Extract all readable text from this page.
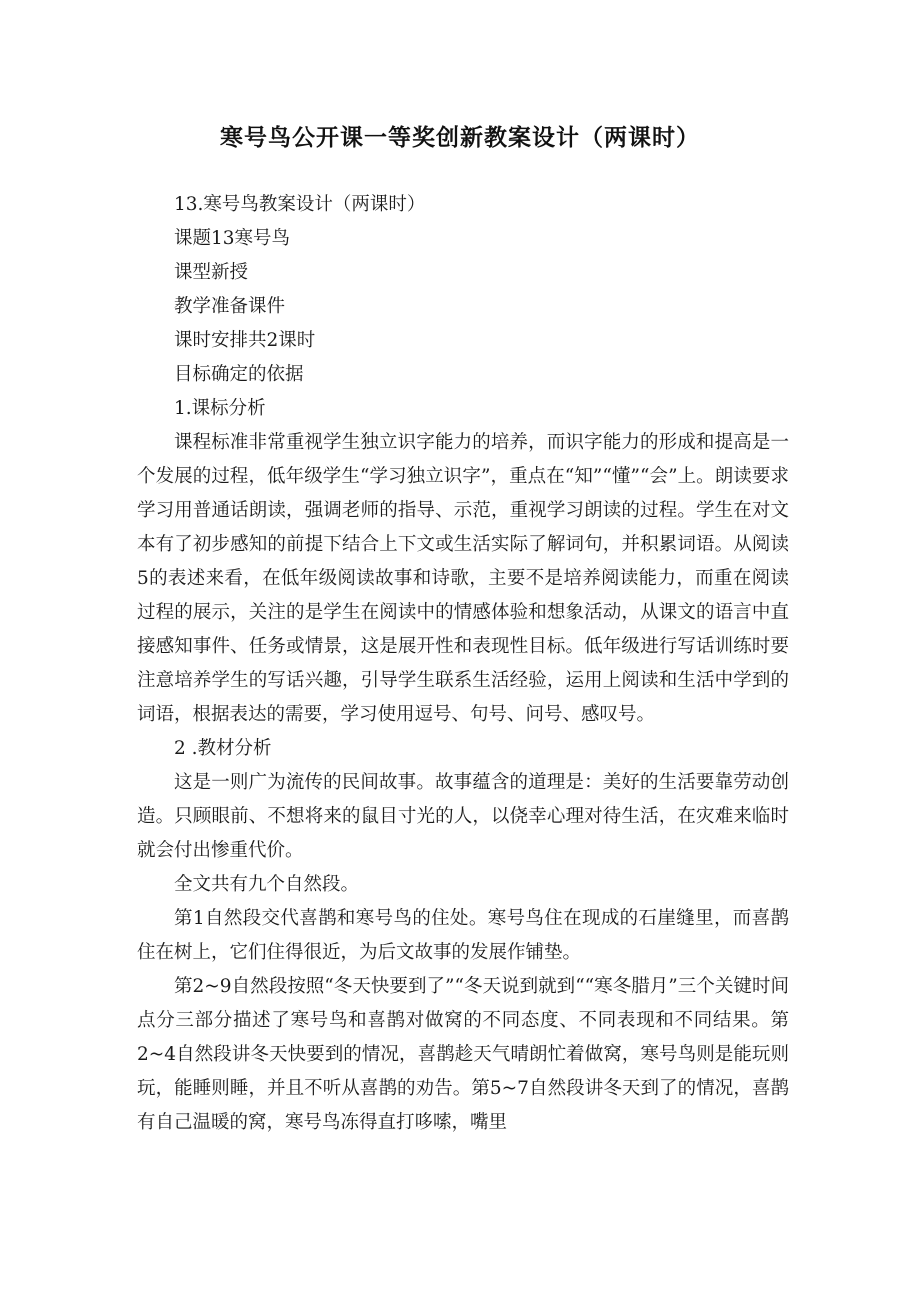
寒号鸟公开课一等奖创新教案设计（两课时）

13.寒号鸟教案设计（两课时）

课题13寒号鸟

课型新授

教学准备课件

课时安排共2课时

目标确定的依据

1.课标分析

课程标准非常重视学生独立识字能力的培养，而识字能力的形成和提高是一个发展的过程，低年级学生“学习独立识字”，重点在“知”“懂”“会”上。朗读要求学习用普通话朗读，强调老师的指导、示范，重视学习朗读的过程。学生在对文本有了初步感知的前提下结合上下文或生活实际了解词句，并积累词语。从阅读5的表述来看，在低年级阅读故事和诗歌，主要不是培养阅读能力，而重在阅读过程的展示，关注的是学生在阅读中的情感体验和想象活动，从课文的语言中直接感知事件、任务或情景，这是展开性和表现性目标。低年级进行写话训练时要注意培养学生的写话兴趣，引导学生联系生活经验，运用上阅读和生活中学到的词语，根据表达的需要，学习使用逗号、句号、问号、感叹号。

2 .教材分析

这是一则广为流传的民间故事。故事蕴含的道理是：美好的生活要靠劳动创造。只顾眼前、不想将来的鼠目寸光的人，以侥幸心理对待生活，在灾难来临时就会付出惨重代价。

全文共有九个自然段。

第1自然段交代喜鹊和寒号鸟的住处。寒号鸟住在现成的石崖缝里，而喜鹊住在树上，它们住得很近，为后文故事的发展作铺垫。

第2~9自然段按照“冬天快要到了”“冬天说到就到““寒冬腊月”三个关键时间点分三部分描述了寒号鸟和喜鹊对做窝的不同态度、不同表现和不同结果。第2~4自然段讲冬天快要到的情况，喜鹊趁天气晴朗忙着做窝，寒号鸟则是能玩则玩，能睡则睡，并且不听从喜鹊的劝告。第5~7自然段讲冬天到了的情况，喜鹊有自己温暖的窝，寒号鸟冻得直打哆嗦，嘴里
